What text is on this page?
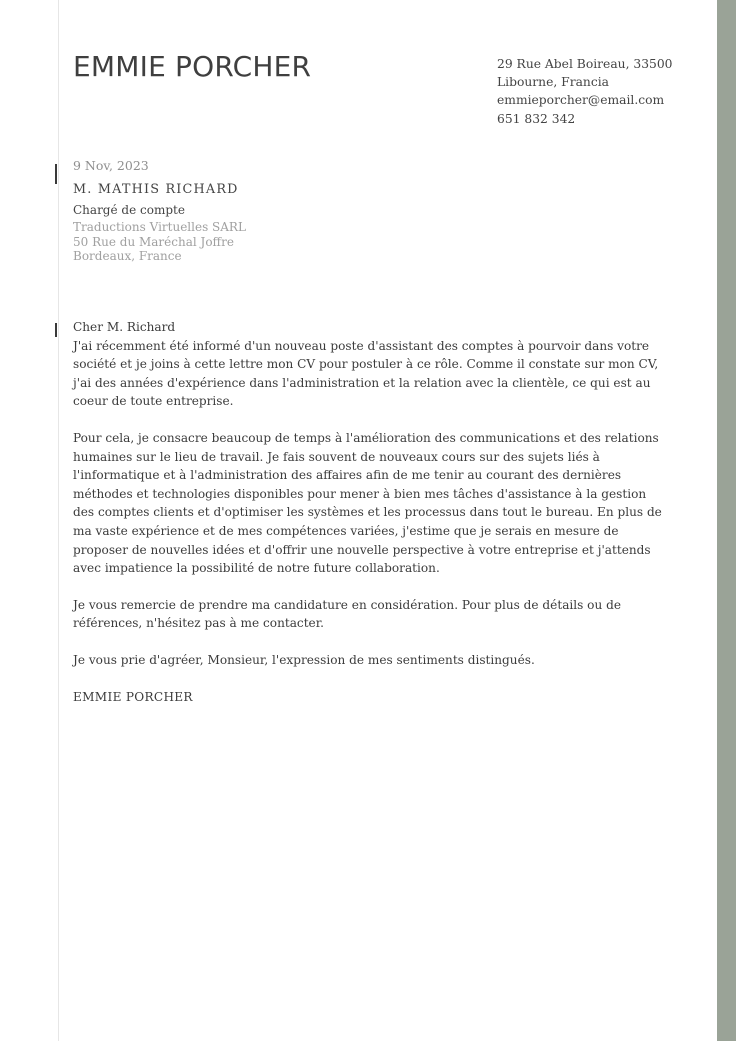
EMMIE PORCHER	29 Rue Abel Boireau, 33500
Libourne, Francia
emmieporcher@email.com
651 832 342
9 Nov, 2023
M. MATHIS RICHARD
Chargé de compte
Traductions Virtuelles SARL
50 Rue du Maréchal Joffre
Bordeaux, France

Cher M. Richard

J'ai récemment été informé d'un nouveau poste d'assistant des comptes à pourvoir dans votre société et je joins à cette lettre mon CV pour postuler à ce rôle. Comme il constate sur mon CV, j'ai des années d'expérience dans l'administration et la relation avec la clientèle, ce qui est au coeur de toute entreprise.

Pour cela, je consacre beaucoup de temps à l'amélioration des communications et des relations humaines sur le lieu de travail. Je fais souvent de nouveaux cours sur des sujets liés à l'informatique et à l'administration des affaires afin de me tenir au courant des dernières méthodes et technologies disponibles pour mener à bien mes tâches d'assistance à la gestion des comptes clients et d'optimiser les systèmes et les processus dans tout le bureau. En plus de ma vaste expérience et de mes compétences variées, j'estime que je serais en mesure de proposer de nouvelles idées et d'offrir une nouvelle perspective à votre entreprise et j'attends avec impatience la possibilité de notre future collaboration.

Je vous remercie de prendre ma candidature en considération. Pour plus de détails ou de références, n'hésitez pas à me contacter.

Je vous prie d'agréer, Monsieur, l'expression de mes sentiments distingués.

EMMIE PORCHER
